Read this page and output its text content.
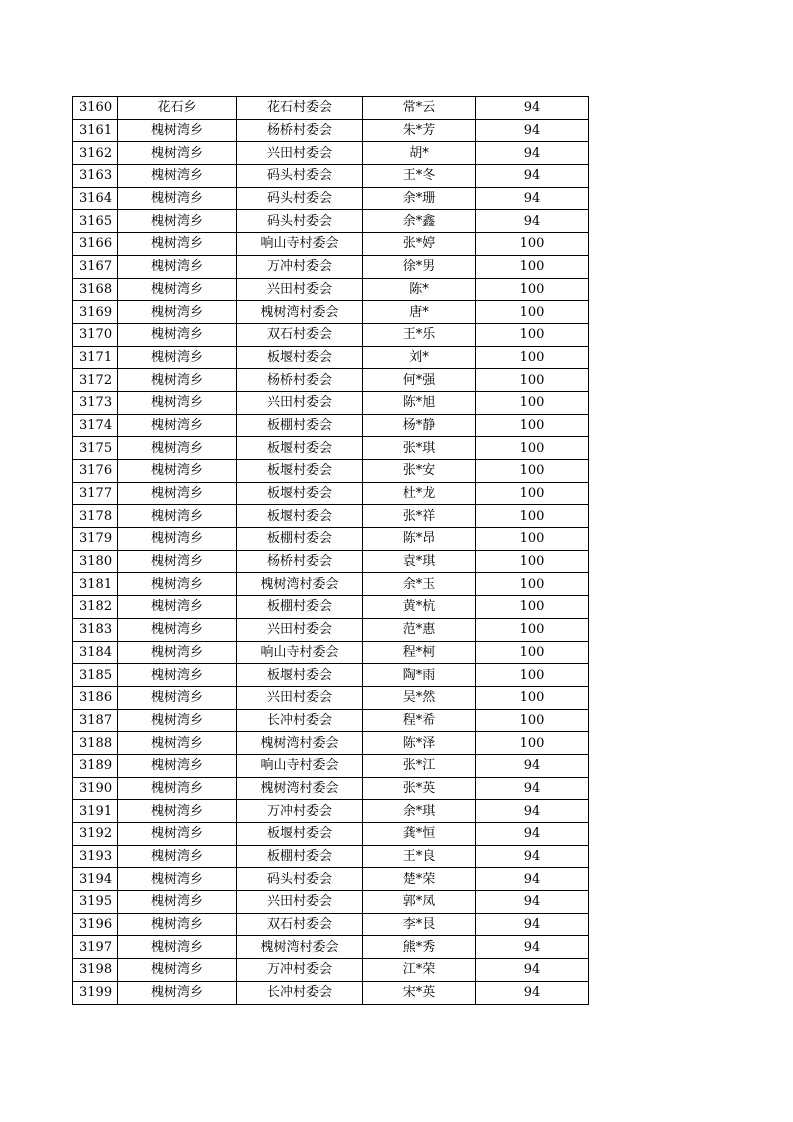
3160	花石乡	花石村委会	常*云	94
3161	槐树湾乡	杨桥村委会	朱*芳	94
3162	槐树湾乡	兴田村委会	胡*	94
3163	槐树湾乡	码头村委会	王*冬	94
3164	槐树湾乡	码头村委会	余*珊	94
3165	槐树湾乡	码头村委会	余*鑫	94
3166	槐树湾乡	响山寺村委会	张*婷	100
3167	槐树湾乡	万冲村委会	徐*男	100
3168	槐树湾乡	兴田村委会	陈*	100
3169	槐树湾乡	槐树湾村委会	唐*	100
3170	槐树湾乡	双石村委会	王*乐	100
3171	槐树湾乡	板堰村委会	刘*	100
3172	槐树湾乡	杨桥村委会	何*强	100
3173	槐树湾乡	兴田村委会	陈*旭	100
3174	槐树湾乡	板棚村委会	杨*静	100
3175	槐树湾乡	板堰村委会	张*琪	100
3176	槐树湾乡	板堰村委会	张*安	100
3177	槐树湾乡	板堰村委会	杜*龙	100
3178	槐树湾乡	板堰村委会	张*祥	100
3179	槐树湾乡	板棚村委会	陈*昂	100
3180	槐树湾乡	杨桥村委会	袁*琪	100
3181	槐树湾乡	槐树湾村委会	余*玉	100
3182	槐树湾乡	板棚村委会	黄*杭	100
3183	槐树湾乡	兴田村委会	范*惠	100
3184	槐树湾乡	响山寺村委会	程*柯	100
3185	槐树湾乡	板堰村委会	陶*雨	100
3186	槐树湾乡	兴田村委会	吴*然	100
3187	槐树湾乡	长冲村委会	程*希	100
3188	槐树湾乡	槐树湾村委会	陈*泽	100
3189	槐树湾乡	响山寺村委会	张*江	94
3190	槐树湾乡	槐树湾村委会	张*英	94
3191	槐树湾乡	万冲村委会	余*琪	94
3192	槐树湾乡	板堰村委会	龚*恒	94
3193	槐树湾乡	板棚村委会	王*良	94
3194	槐树湾乡	码头村委会	楚*荣	94
3195	槐树湾乡	兴田村委会	郭*凤	94
3196	槐树湾乡	双石村委会	李*艮	94
3197	槐树湾乡	槐树湾村委会	熊*秀	94
3198	槐树湾乡	万冲村委会	江*荣	94
3199	槐树湾乡	长冲村委会	宋*英	94
